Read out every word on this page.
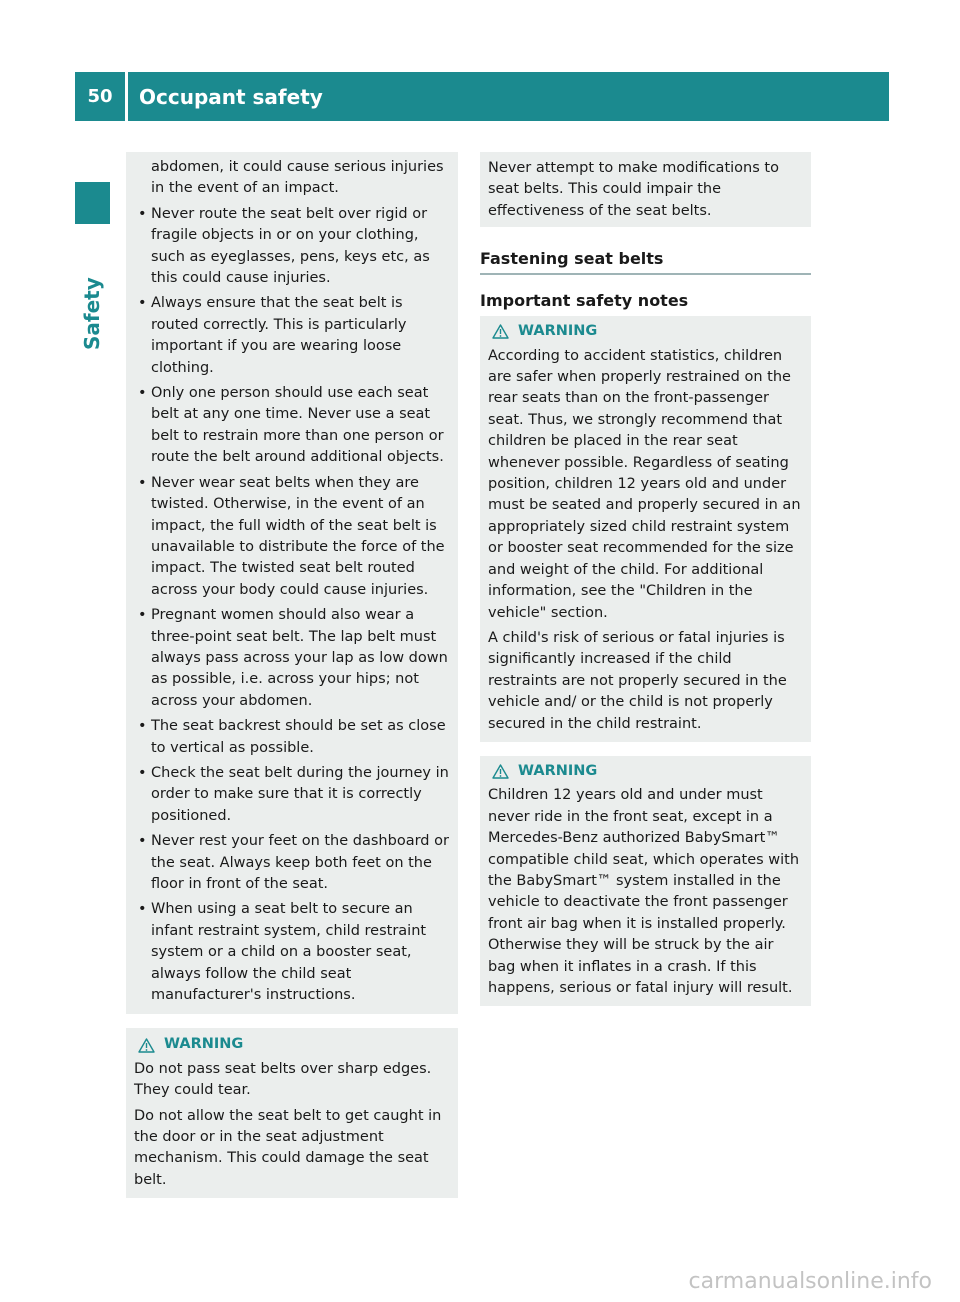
50	Occupant safety
Safety
abdomen, it could cause serious injuries in the event of an impact.
• Never route the seat belt over rigid or fragile objects in or on your clothing, such as eyeglasses, pens, keys etc, as this could cause injuries.
• Always ensure that the seat belt is routed correctly. This is particularly important if you are wearing loose clothing.
• Only one person should use each seat belt at any one time. Never use a seat belt to restrain more than one person or route the belt around additional objects.
• Never wear seat belts when they are twisted. Otherwise, in the event of an impact, the full width of the seat belt is unavailable to distribute the force of the impact. The twisted seat belt routed across your body could cause injuries.
• Pregnant women should also wear a three-point seat belt. The lap belt must always pass across your lap as low down as possible, i.e. across your hips; not across your abdomen.
• The seat backrest should be set as close to vertical as possible.
• Check the seat belt during the journey in order to make sure that it is correctly positioned.
• Never rest your feet on the dashboard or the seat. Always keep both feet on the floor in front of the seat.
• When using a seat belt to secure an infant restraint system, child restraint system or a child on a booster seat, always follow the child seat manufacturer's instructions.
WARNING

Do not pass seat belts over sharp edges. They could tear.

Do not allow the seat belt to get caught in the door or in the seat adjustment mechanism. This could damage the seat belt.

Never attempt to make modifications to seat belts. This could impair the effectiveness of the seat belts.

Fastening seat belts
Important safety notes
WARNING

According to accident statistics, children are safer when properly restrained on the rear seats than on the front-passenger seat. Thus, we strongly recommend that children be placed in the rear seat whenever possible. Regardless of seating position, children 12 years old and under must be seated and properly secured in an appropriately sized child restraint system or booster seat recommended for the size and weight of the child. For additional information, see the "Children in the vehicle" section.

A child's risk of serious or fatal injuries is significantly increased if the child restraints are not properly secured in the vehicle and/ or the child is not properly secured in the child restraint.

WARNING

Children 12 years old and under must never ride in the front seat, except in a Mercedes-Benz authorized BabySmart™ compatible child seat, which operates with the BabySmart™ system installed in the vehicle to deactivate the front passenger front air bag when it is installed properly. Otherwise they will be struck by the air bag when it inflates in a crash. If this happens, serious or fatal injury will result.

carmanualsonline.info
